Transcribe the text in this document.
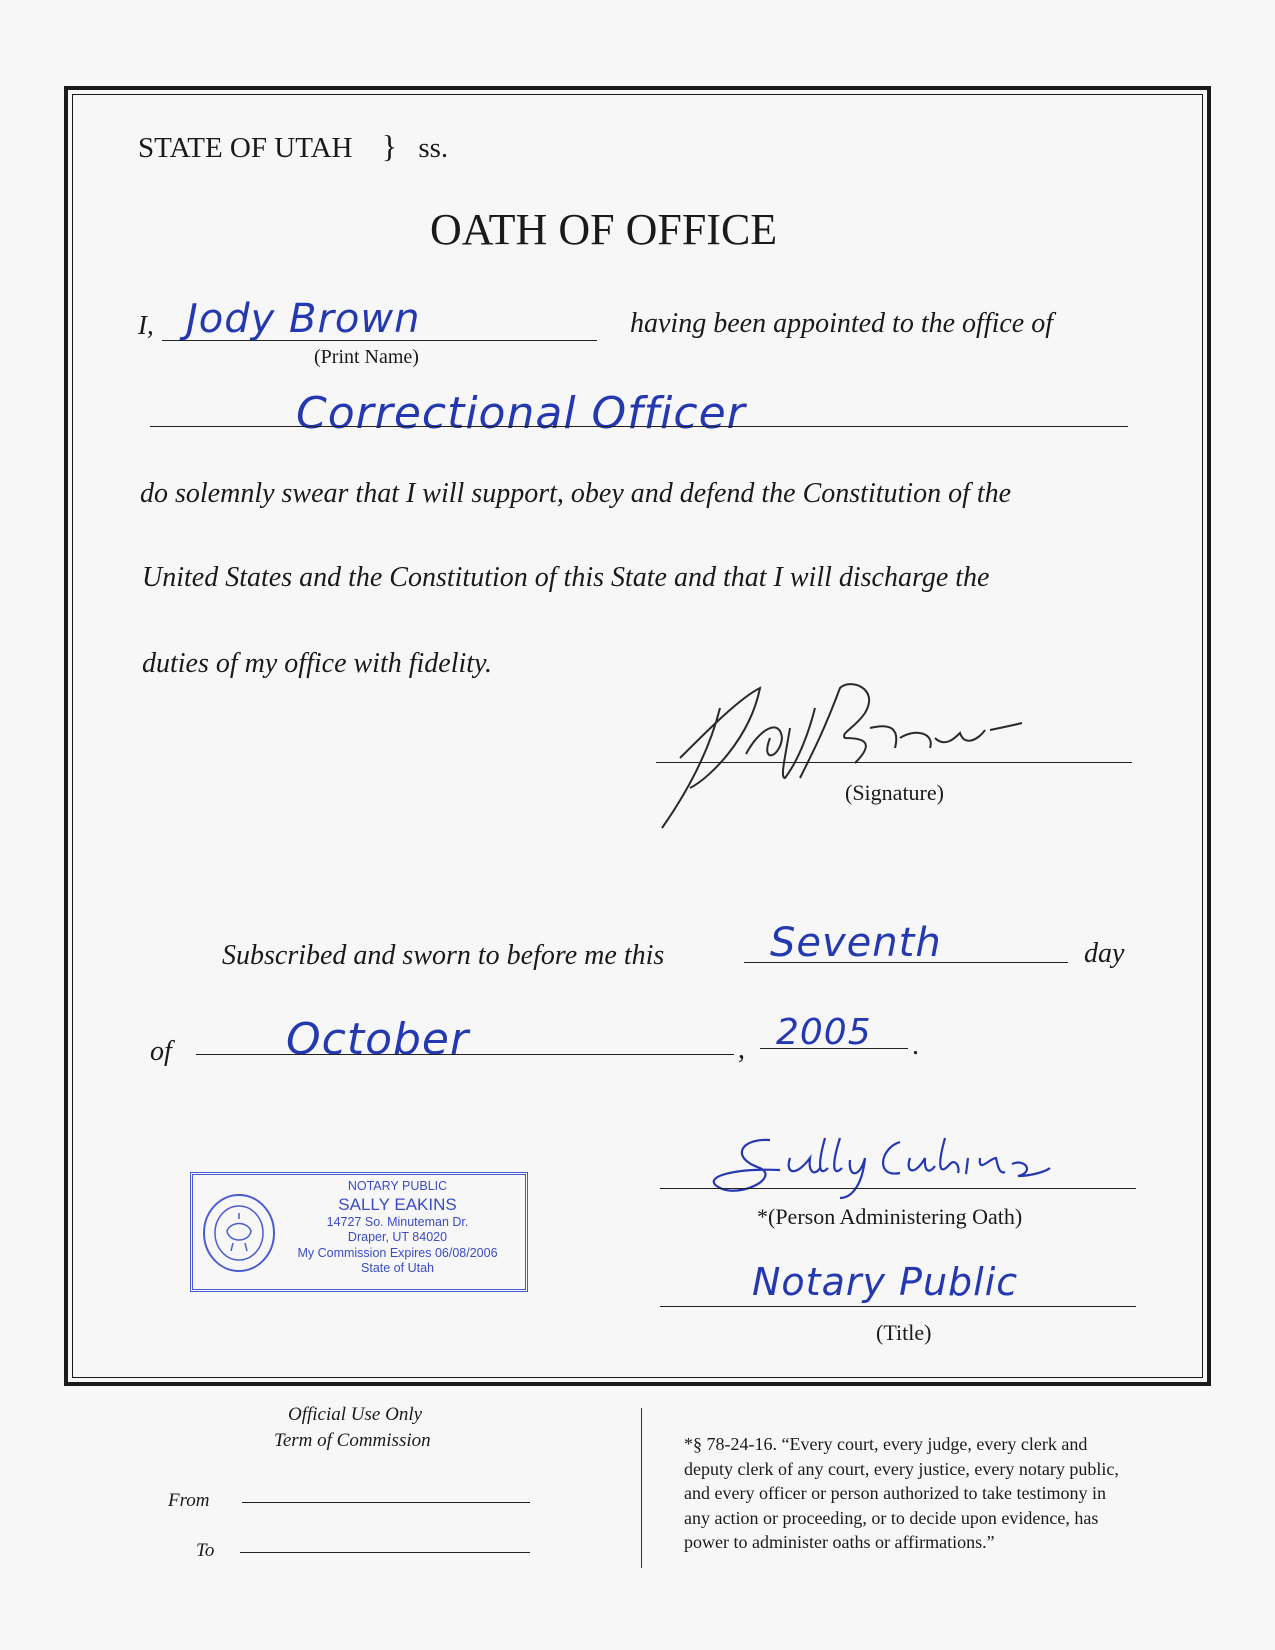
STATE OF UTAH } ss.
OATH OF OFFICE
I, Jody Brown
(Print Name)
having been appointed to the office of
Correctional Officer
do solemnly swear that I will support, obey and defend the Constitution of the
United States and the Constitution of this State and that I will discharge the
duties of my office with fidelity.
(Signature)
Subscribed and sworn to before me this	Seventh	day
of	October	, 2005 .
NOTARY PUBLIC
SALLY EAKINS
14727 So. Minuteman Dr.
Draper, UT 84020
My Commission Expires 06/08/2006
State of Utah
*(Person Administering Oath)
Notary Public
(Title)
Official Use Only
Term of Commission
From
To
*§ 78-24-16. “Every court, every judge, every clerk and
deputy clerk of any court, every justice, every notary public,
and every officer or person authorized to take testimony in
any action or proceeding, or to decide upon evidence, has
power to administer oaths or affirmations.”
